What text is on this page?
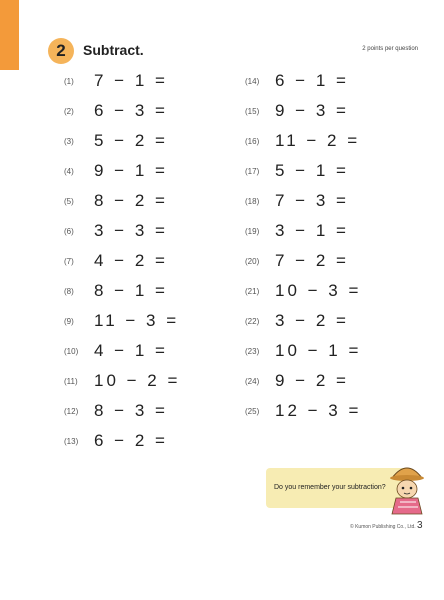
2	Subtract.	2 points per question
(1)	7 − 1 =
(2)	6 − 3 =
(3)	5 − 2 =
(4)	9 − 1 =
(5)	8 − 2 =
(6)	3 − 3 =
(7)	4 − 2 =
(8)	8 − 1 =
(9)	11 − 3 =
(10) 4 − 1 =
(11) 10 − 2 =
(12) 8 − 3 =
(13) 6 − 2 =
(14) 6 − 1 =
(15) 9 − 3 =
(16) 11 − 2 =
(17) 5 − 1 =
(18) 7 − 3 =
(19) 3 − 1 =
(20) 7 − 2 =
(21) 10 − 3 =
(22) 3 − 2 =
(23) 10 − 1 =
(24) 9 − 2 =
(25) 12 − 3 =
Do you remember your subtraction?
© Kumon Publishing Co., Ltd. 3
